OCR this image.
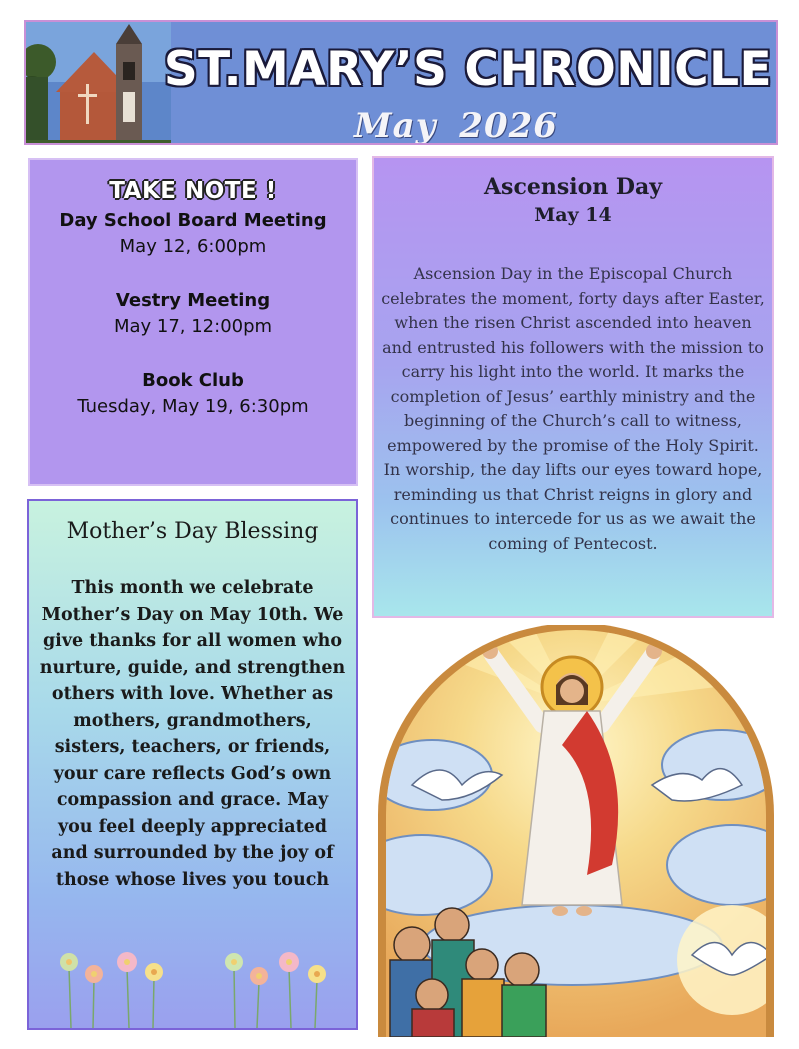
ST.MARY’S CHRONICLE
May 2026
TAKE NOTE !
Day School Board Meeting
May 12, 6:00pm
Vestry Meeting
May 17, 12:00pm
Book Club
Tuesday, May 19, 6:30pm
Ascension Day
May 14
Ascension Day in the Episcopal Church celebrates the moment, forty days after Easter, when the risen Christ ascended into heaven and entrusted his followers with the mission to carry his light into the world. It marks the completion of Jesus’ earthly ministry and the beginning of the Church’s call to witness, empowered by the promise of the Holy Spirit. In worship, the day lifts our eyes toward hope, reminding us that Christ reigns in glory and continues to intercede for us as we await the coming of Pentecost.
Mother’s Day Blessing
This month we celebrate Mother’s Day on May 10th. We give thanks for all women who nurture, guide, and strengthen others with love. Whether as mothers, grandmothers, sisters, teachers, or friends, your care reflects God’s own compassion and grace. May you feel deeply appreciated and surrounded by the joy of those whose lives you touch
